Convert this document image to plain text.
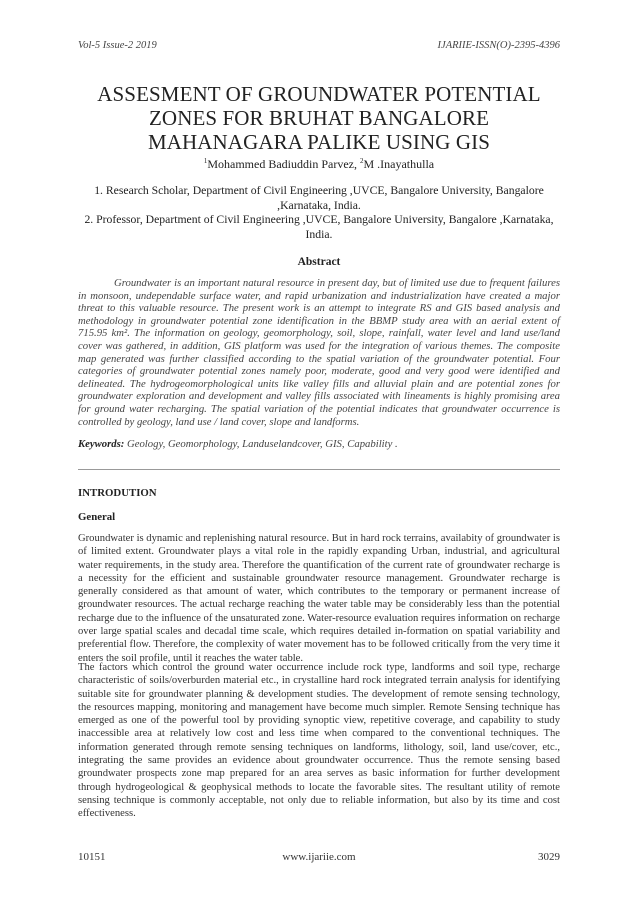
Vol-5 Issue-2 2019	IJARIIE-ISSN(O)-2395-4396
ASSESMENT OF GROUNDWATER POTENTIAL ZONES FOR BRUHAT BANGALORE MAHANAGARA PALIKE USING GIS
$^1$Mohammed Badiuddin Parvez, $^2$M .Inayathulla
1. Research Scholar, Department of Civil Engineering ,UVCE, Bangalore University, Bangalore ,Karnataka, India.
2. Professor, Department of Civil Engineering ,UVCE, Bangalore University, Bangalore ,Karnataka, India.
Abstract
Groundwater is an important natural resource in present day, but of limited use due to frequent failures in monsoon, undependable surface water, and rapid urbanization and industrialization have created a major threat to this valuable resource. The present work is an attempt to integrate RS and GIS based analysis and methodology in groundwater potential zone identification in the BBMP study area with an aerial extent of 715.95 km². The information on geology, geomorphology, soil, slope, rainfall, water level and land use/land cover was gathered, in addition, GIS platform was used for the integration of various themes. The composite map generated was further classified according to the spatial variation of the groundwater potential. Four categories of groundwater potential zones namely poor, moderate, good and very good were identified and delineated. The hydrogeomorphological units like valley fills and alluvial plain and are potential zones for groundwater exploration and development and valley fills associated with lineaments is highly promising area for ground water recharging. The spatial variation of the potential indicates that groundwater occurrence is controlled by geology, land use / land cover, slope and landforms.
Keywords: Geology, Geomorphology, Landuselandcover, GIS, Capability .
INTRODUTION
General
Groundwater is dynamic and replenishing natural resource. But in hard rock terrains, availabity of groundwater is of limited extent. Groundwater plays a vital role in the rapidly expanding Urban, industrial, and agricultural water requirements, in the study area. Therefore the quantification of the current rate of groundwater recharge is a necessity for the efficient and sustainable groundwater resource management. Groundwater recharge is generally considered as that amount of water, which contributes to the temporary or permanent increase of groundwater resources. The actual recharge reaching the water table may be considerably less than the potential recharge due to the influence of the unsaturated zone. Water-resource evaluation requires information on recharge over large spatial scales and decadal time scale, which requires detailed in-formation on spatial variability and preferential flow. Therefore, the complexity of water movement has to be followed critically from the very time it enters the soil profile, until it reaches the water table.
The factors which control the ground water occurrence include rock type, landforms and soil type, recharge characteristic of soils/overburden material etc., in crystalline hard rock integrated terrain analysis for identifying suitable site for groundwater planning & development studies. The development of remote sensing technology, the resources mapping, monitoring and management have become much simpler. Remote Sensing technique has emerged as one of the powerful tool by providing synoptic view, repetitive coverage, and capability to study inaccessible area at relatively low cost and less time when compared to the conventional techniques. The information generated through remote sensing techniques on landforms, lithology, soil, land use/cover, etc., integrating the same provides an evidence about groundwater occurrence. Thus the remote sensing based groundwater prospects zone map prepared for an area serves as basic information for further development through hydrogeological & geophysical methods to locate the favorable sites. The resultant utility of remote sensing technique is commonly acceptable, not only due to reliable information, but also by its time and cost effectiveness.
10151	www.ijariie.com	3029
